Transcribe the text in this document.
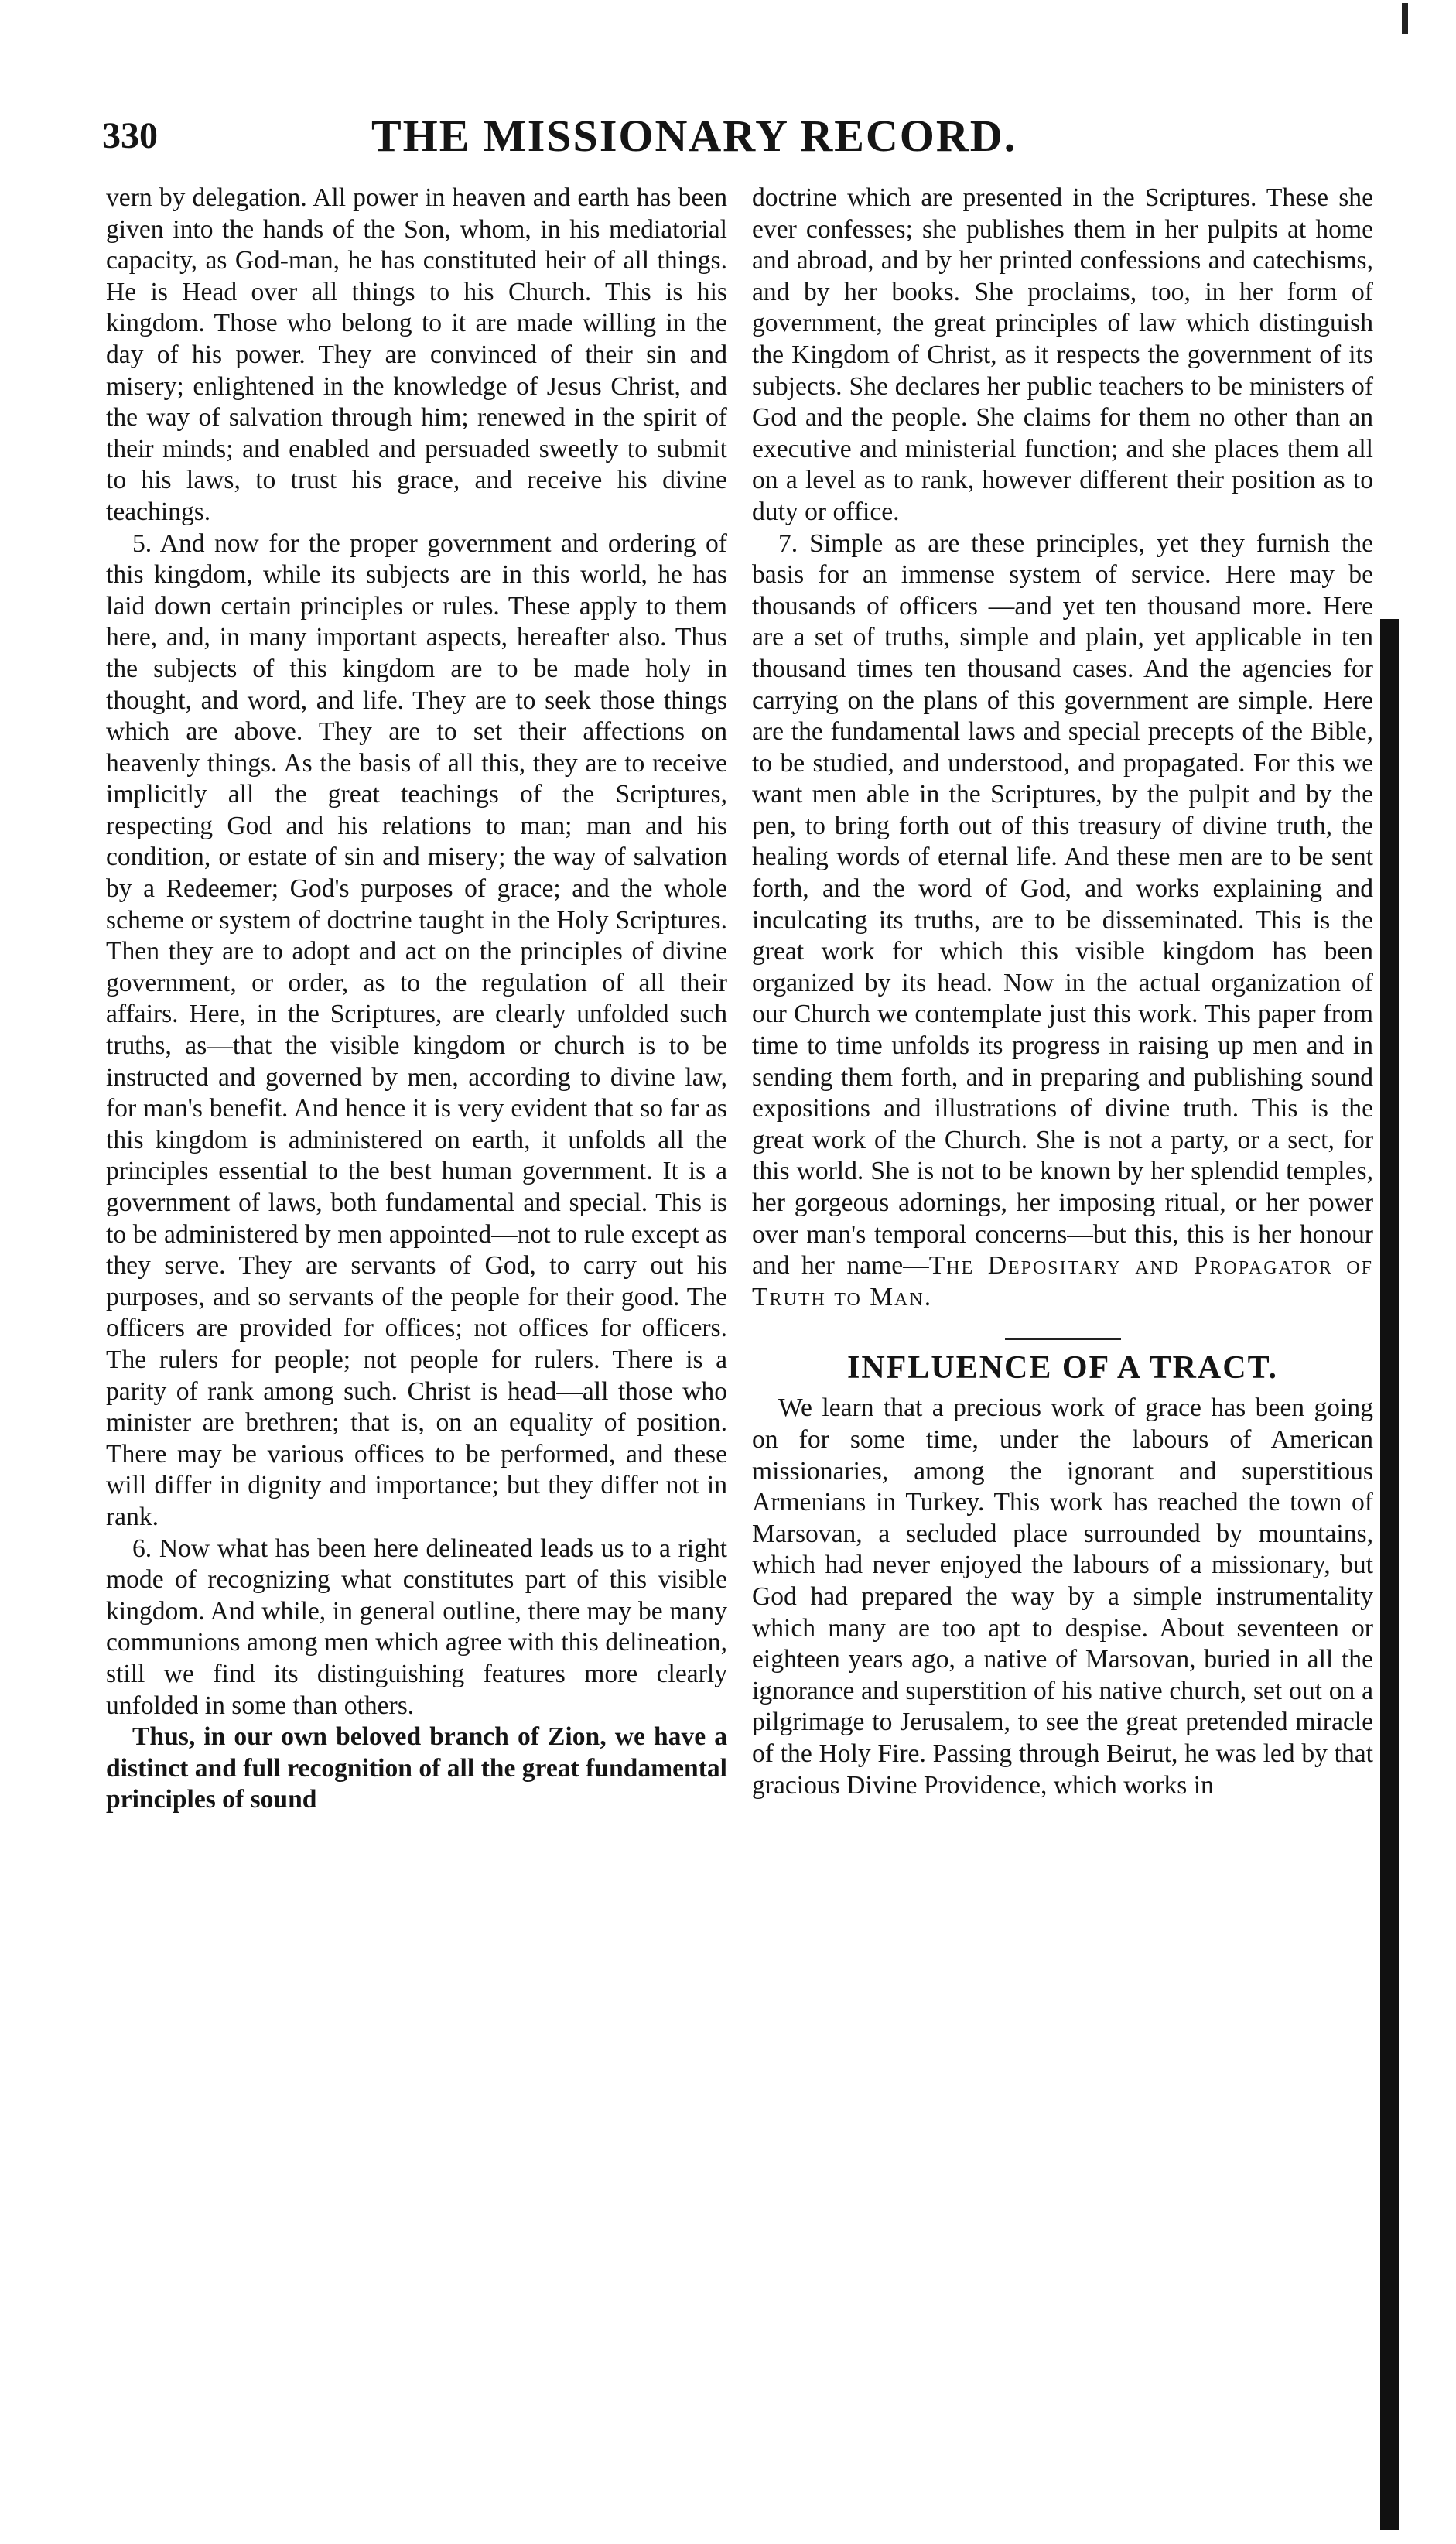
330	THE MISSIONARY RECORD.

vern by delegation. All power in heaven and earth has been given into the hands of the Son, whom, in his mediatorial capacity, as God-man, he has constituted heir of all things. He is Head over all things to his Church. This is his kingdom. Those who belong to it are made willing in the day of his power. They are convinced of their sin and misery; enlightened in the knowledge of Jesus Christ, and the way of salvation through him; renewed in the spirit of their minds; and enabled and persuaded sweetly to submit to his laws, to trust his grace, and receive his divine teachings.

5. And now for the proper government and ordering of this kingdom, while its subjects are in this world, he has laid down certain principles or rules. These apply to them here, and, in many important aspects, hereafter also. Thus the subjects of this kingdom are to be made holy in thought, and word, and life. They are to seek those things which are above. They are to set their affections on heavenly things. As the basis of all this, they are to receive implicitly all the great teachings of the Scriptures, respecting God and his relations to man; man and his condition, or estate of sin and misery; the way of salvation by a Redeemer; God's purposes of grace; and the whole scheme or system of doctrine taught in the Holy Scriptures. Then they are to adopt and act on the principles of divine government, or order, as to the regulation of all their affairs. Here, in the Scriptures, are clearly unfolded such truths, as—that the visible kingdom or church is to be instructed and governed by men, according to divine law, for man's benefit. And hence it is very evident that so far as this kingdom is administered on earth, it unfolds all the principles essential to the best human government. It is a government of laws, both fundamental and special. This is to be administered by men appointed—not to rule except as they serve. They are servants of God, to carry out his purposes, and so servants of the people for their good. The officers are provided for offices; not offices for officers. The rulers for people; not people for rulers. There is a parity of rank among such. Christ is head—all those who minister are brethren; that is, on an equality of position. There may be various offices to be performed, and these will differ in dignity and importance; but they differ not in rank.

6. Now what has been here delineated leads us to a right mode of recognizing what constitutes part of this visible kingdom. And while, in general outline, there may be many communions among men which agree with this delineation, still we find its distinguishing features more clearly unfolded in some than others.

Thus, in our own beloved branch of Zion, we have a distinct and full recognition of all the great fundamental principles of sound

doctrine which are presented in the Scriptures. These she ever confesses; she publishes them in her pulpits at home and abroad, and by her printed confessions and catechisms, and by her books. She proclaims, too, in her form of government, the great principles of law which distinguish the Kingdom of Christ, as it respects the government of its subjects. She declares her public teachers to be ministers of God and the people. She claims for them no other than an executive and ministerial function; and she places them all on a level as to rank, however different their position as to duty or office.

7. Simple as are these principles, yet they furnish the basis for an immense system of service. Here may be thousands of officers —and yet ten thousand more. Here are a set of truths, simple and plain, yet applicable in ten thousand times ten thousand cases. And the agencies for carrying on the plans of this government are simple. Here are the fundamental laws and special precepts of the Bible, to be studied, and understood, and propagated. For this we want men able in the Scriptures, by the pulpit and by the pen, to bring forth out of this treasury of divine truth, the healing words of eternal life. And these men are to be sent forth, and the word of God, and works explaining and inculcating its truths, are to be disseminated. This is the great work for which this visible kingdom has been organized by its head. Now in the actual organization of our Church we contemplate just this work. This paper from time to time unfolds its progress in raising up men and in sending them forth, and in preparing and publishing sound expositions and illustrations of divine truth. This is the great work of the Church. She is not a party, or a sect, for this world. She is not to be known by her splendid temples, her gorgeous adornings, her imposing ritual, or her power over man's temporal concerns—but this, this is her honour and her name—The Depositary and Propagator of Truth to Man.

INFLUENCE OF A TRACT.

We learn that a precious work of grace has been going on for some time, under the labours of American missionaries, among the ignorant and superstitious Armenians in Turkey. This work has reached the town of Marsovan, a secluded place surrounded by mountains, which had never enjoyed the labours of a missionary, but God had prepared the way by a simple instrumentality which many are too apt to despise. About seventeen or eighteen years ago, a native of Marsovan, buried in all the ignorance and superstition of his native church, set out on a pilgrimage to Jerusalem, to see the great pretended miracle of the Holy Fire. Passing through Beirut, he was led by that gracious Divine Providence, which works in
